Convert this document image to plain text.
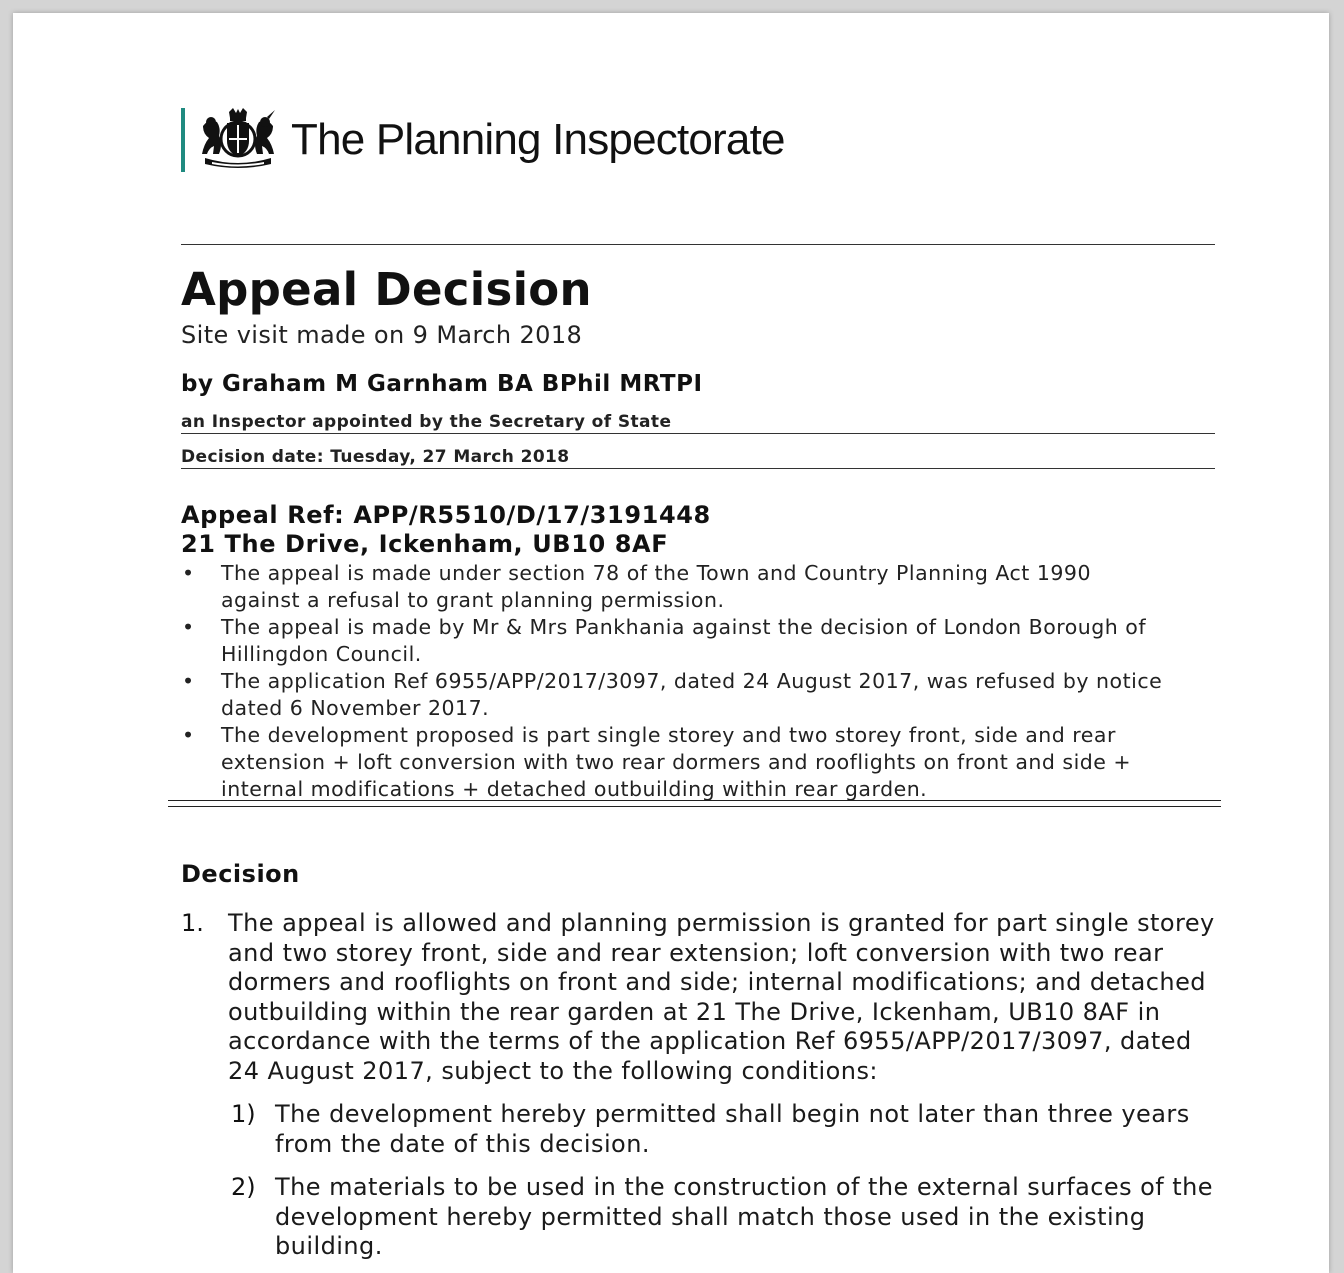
The Planning Inspectorate
Appeal Decision
Site visit made on 9 March 2018
by Graham M Garnham BA BPhil MRTPI
an Inspector appointed by the Secretary of State
Decision date: Tuesday, 27 March 2018
Appeal Ref: APP/R5510/D/17/3191448
21 The Drive, Ickenham, UB10 8AF
• The appeal is made under section 78 of the Town and Country Planning Act 1990
against a refusal to grant planning permission.
• The appeal is made by Mr & Mrs Pankhania against the decision of London Borough of
Hillingdon Council.
• The application Ref 6955/APP/2017/3097, dated 24 August 2017, was refused by notice
dated 6 November 2017.
• The development proposed is part single storey and two storey front, side and rear
extension + loft conversion with two rear dormers and rooflights on front and side +
internal modifications + detached outbuilding within rear garden.
Decision
1. The appeal is allowed and planning permission is granted for part single storey
and two storey front, side and rear extension; loft conversion with two rear
dormers and rooflights on front and side; internal modifications; and detached
outbuilding within the rear garden at 21 The Drive, Ickenham, UB10 8AF in
accordance with the terms of the application Ref 6955/APP/2017/3097, dated
24 August 2017, subject to the following conditions:
1) The development hereby permitted shall begin not later than three years
from the date of this decision.
2) The materials to be used in the construction of the external surfaces of the
development hereby permitted shall match those used in the existing
building.
